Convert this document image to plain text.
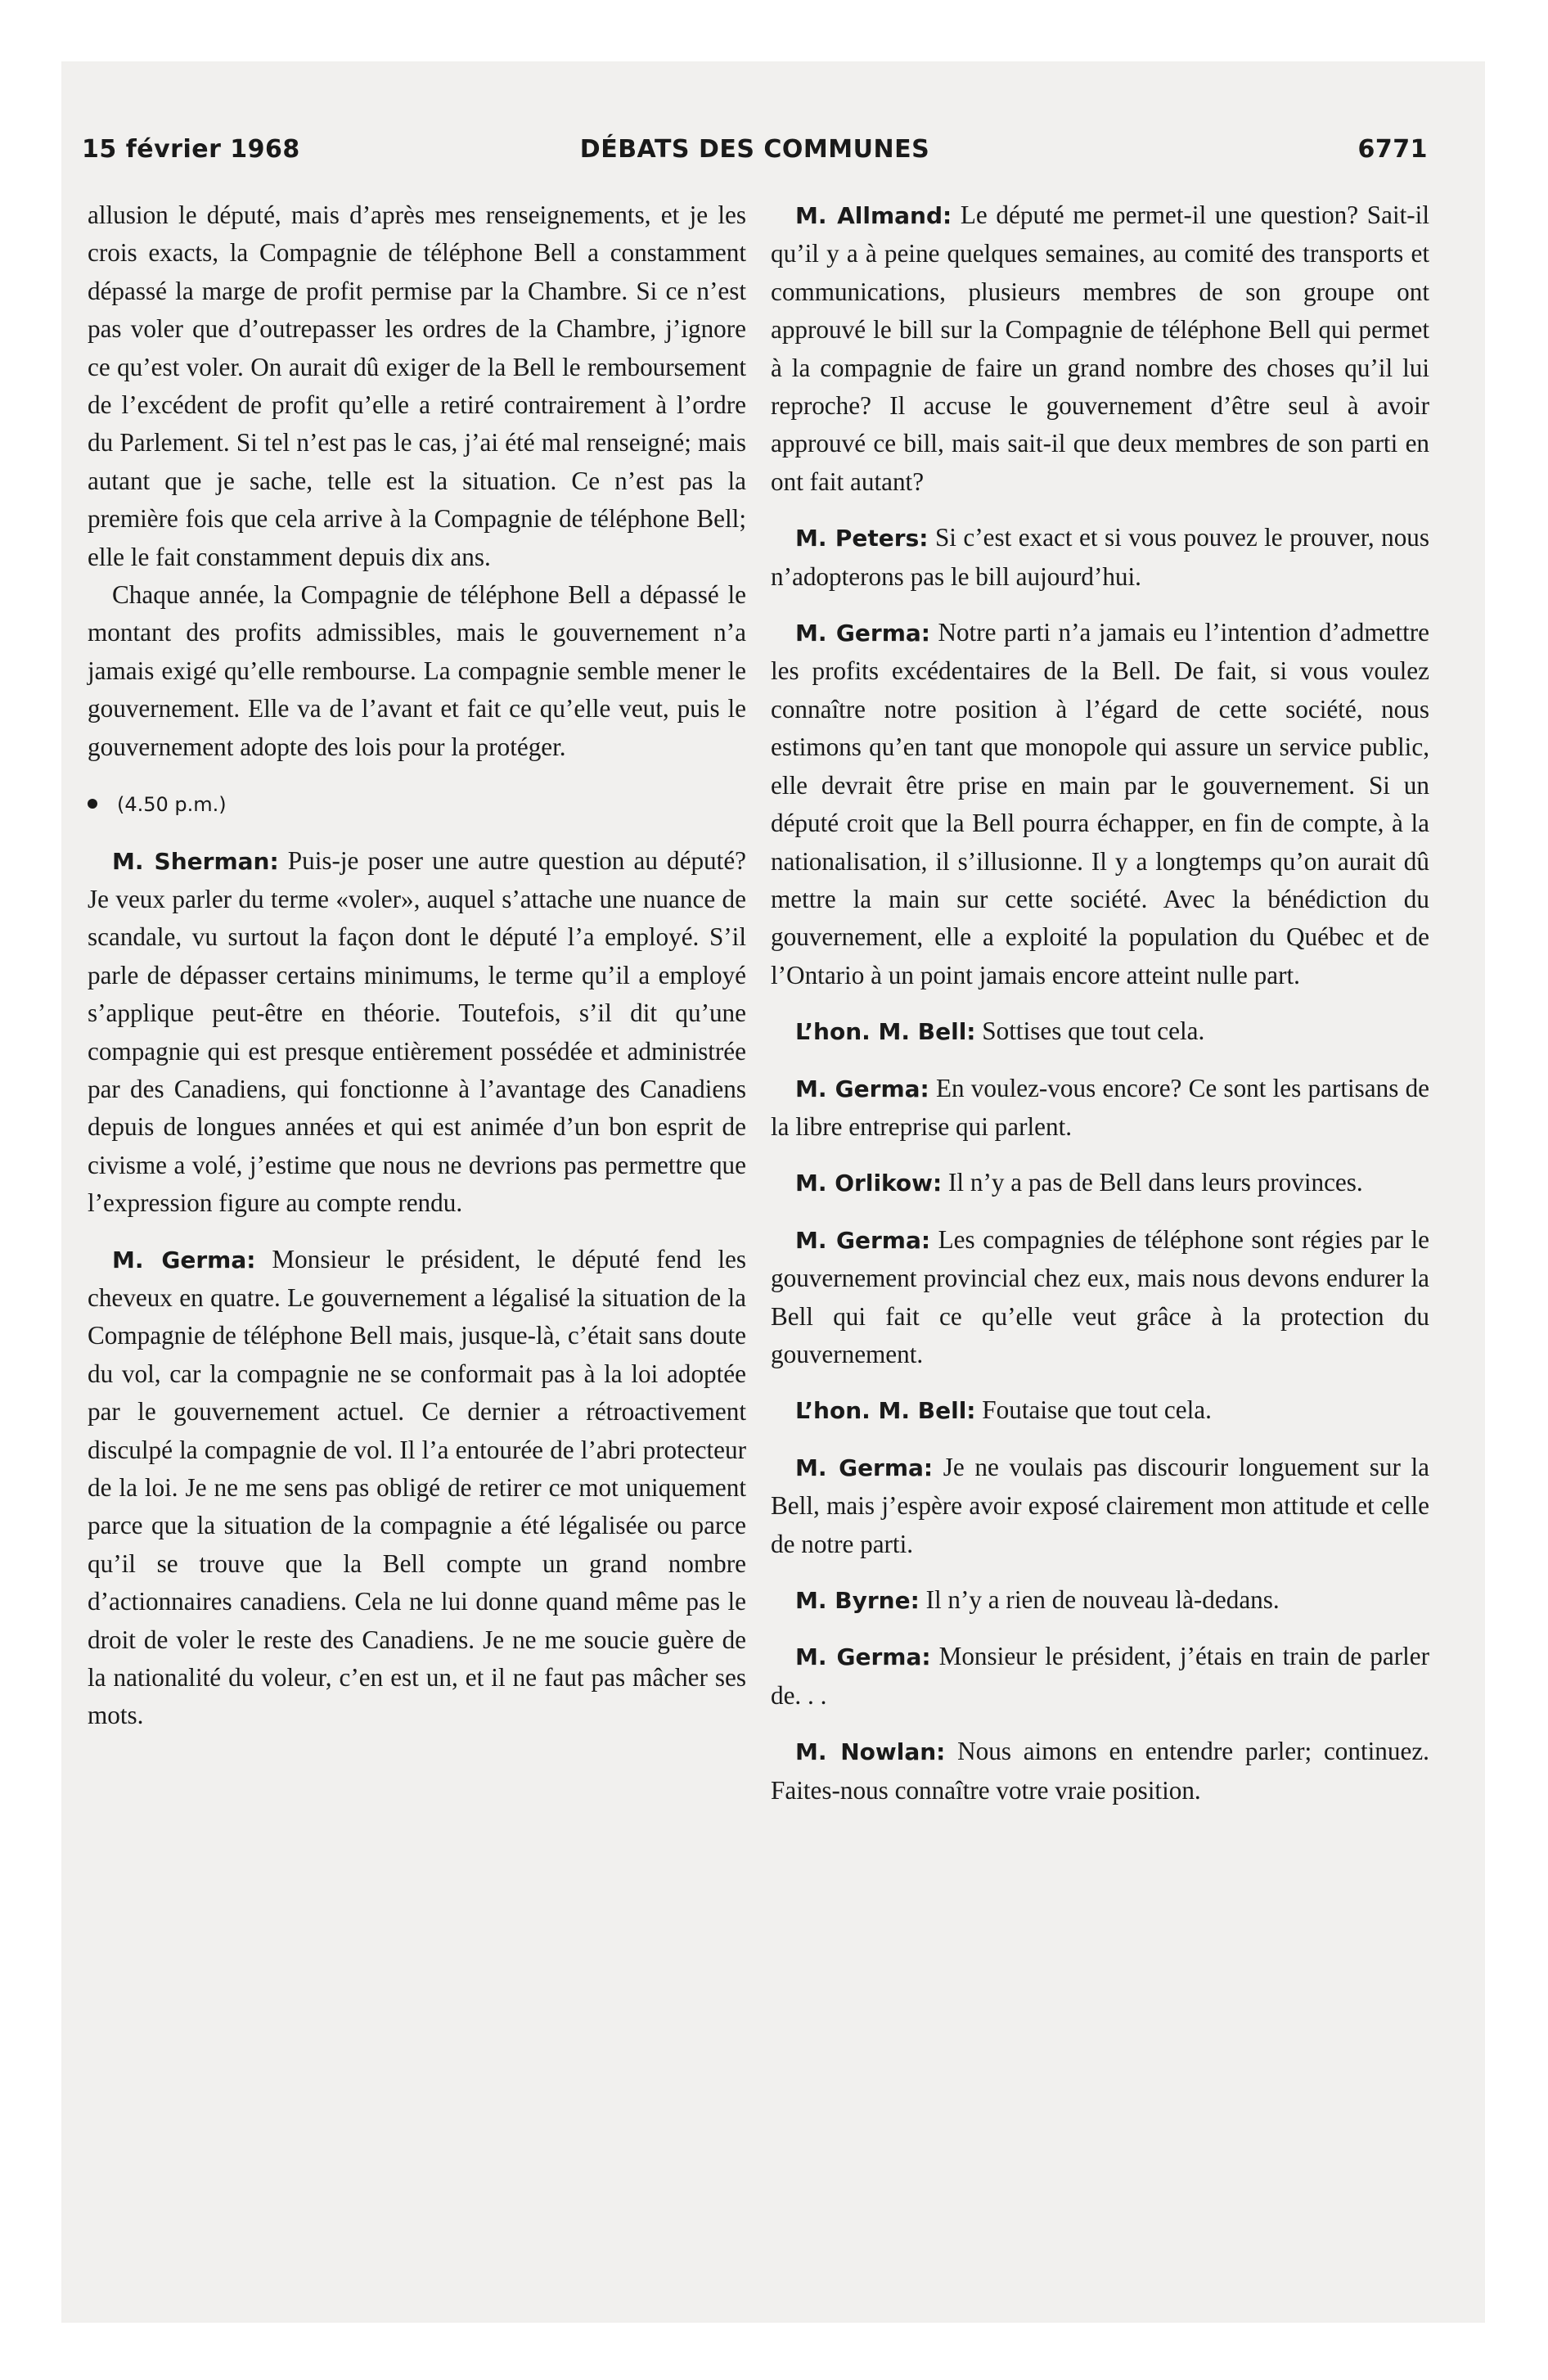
15 février 1968	DÉBATS DES COMMUNES	6771

allusion le député, mais d’après mes renseignements, et je les crois exacts, la Compagnie de téléphone Bell a constamment dépassé la marge de profit permise par la Chambre. Si ce n’est pas voler que d’outrepasser les ordres de la Chambre, j’ignore ce qu’est voler. On aurait dû exiger de la Bell le remboursement de l’excédent de profit qu’elle a retiré contrairement à l’ordre du Parlement. Si tel n’est pas le cas, j’ai été mal renseigné; mais autant que je sache, telle est la situation. Ce n’est pas la première fois que cela arrive à la Compagnie de téléphone Bell; elle le fait constamment depuis dix ans.

Chaque année, la Compagnie de téléphone Bell a dépassé le montant des profits admissibles, mais le gouvernement n’a jamais exigé qu’elle rembourse. La compagnie semble mener le gouvernement. Elle va de l’avant et fait ce qu’elle veut, puis le gouvernement adopte des lois pour la protéger.

(4.50 p.m.)

M. Sherman: Puis-je poser une autre question au député? Je veux parler du terme «voler», auquel s’attache une nuance de scandale, vu surtout la façon dont le député l’a employé. S’il parle de dépasser certains minimums, le terme qu’il a employé s’applique peut-être en théorie. Toutefois, s’il dit qu’une compagnie qui est presque entièrement possédée et administrée par des Canadiens, qui fonctionne à l’avantage des Canadiens depuis de longues années et qui est animée d’un bon esprit de civisme a volé, j’estime que nous ne devrions pas permettre que l’expression figure au compte rendu.

M. Germa: Monsieur le président, le député fend les cheveux en quatre. Le gouvernement a légalisé la situation de la Compagnie de téléphone Bell mais, jusque-là, c’était sans doute du vol, car la compagnie ne se conformait pas à la loi adoptée par le gouvernement actuel. Ce dernier a rétroactivement disculpé la compagnie de vol. Il l’a entourée de l’abri protecteur de la loi. Je ne me sens pas obligé de retirer ce mot uniquement parce que la situation de la compagnie a été légalisée ou parce qu’il se trouve que la Bell compte un grand nombre d’actionnaires canadiens. Cela ne lui donne quand même pas le droit de voler le reste des Canadiens. Je ne me soucie guère de la nationalité du voleur, c’en est un, et il ne faut pas mâcher ses mots.

M. Allmand: Le député me permet-il une question? Sait-il qu’il y a à peine quelques semaines, au comité des transports et communications, plusieurs membres de son groupe ont approuvé le bill sur la Compagnie de téléphone Bell qui permet à la compagnie de faire un grand nombre des choses qu’il lui reproche? Il accuse le gouvernement d’être seul à avoir approuvé ce bill, mais sait-il que deux membres de son parti en ont fait autant?

M. Peters: Si c’est exact et si vous pouvez le prouver, nous n’adopterons pas le bill aujourd’hui.

M. Germa: Notre parti n’a jamais eu l’intention d’admettre les profits excédentaires de la Bell. De fait, si vous voulez connaître notre position à l’égard de cette société, nous estimons qu’en tant que monopole qui assure un service public, elle devrait être prise en main par le gouvernement. Si un député croit que la Bell pourra échapper, en fin de compte, à la nationalisation, il s’illusionne. Il y a longtemps qu’on aurait dû mettre la main sur cette société. Avec la bénédiction du gouvernement, elle a exploité la population du Québec et de l’Ontario à un point jamais encore atteint nulle part.

L’hon. M. Bell: Sottises que tout cela.

M. Germa: En voulez-vous encore? Ce sont les partisans de la libre entreprise qui parlent.

M. Orlikow: Il n’y a pas de Bell dans leurs provinces.

M. Germa: Les compagnies de téléphone sont régies par le gouvernement provincial chez eux, mais nous devons endurer la Bell qui fait ce qu’elle veut grâce à la protection du gouvernement.

L’hon. M. Bell: Foutaise que tout cela.

M. Germa: Je ne voulais pas discourir longuement sur la Bell, mais j’espère avoir exposé clairement mon attitude et celle de notre parti.

M. Byrne: Il n’y a rien de nouveau là-dedans.

M. Germa: Monsieur le président, j’étais en train de parler de. . .

M. Nowlan: Nous aimons en entendre parler; continuez. Faites-nous connaître votre vraie position.
